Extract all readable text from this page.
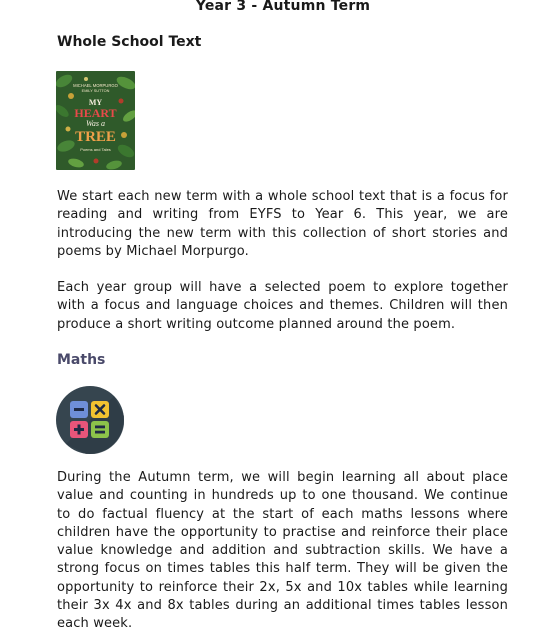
Year 3 - Autumn Term
Whole School Text
MICHAEL MORPURGO
EMILY SUTTON
MY
HEART
Was a
TREE
Poems and Tales

We start each new term with a whole school text that is a focus for reading and writing from EYFS to Year 6. This year, we are introducing the new term with this collection of short stories and poems by Michael Morpurgo.

Each year group will have a selected poem to explore together with a focus and language choices and themes. Children will then produce a short writing outcome planned around the poem.

Maths

During the Autumn term, we will begin learning all about place value and counting in hundreds up to one thousand. We continue to do factual fluency at the start of each maths lessons where children have the opportunity to practise and reinforce their place value knowledge and addition and subtraction skills. We have a strong focus on times tables this half term. They will be given the opportunity to reinforce their 2x, 5x and 10x tables while learning their 3x 4x and 8x tables during an additional times tables lesson each week.
